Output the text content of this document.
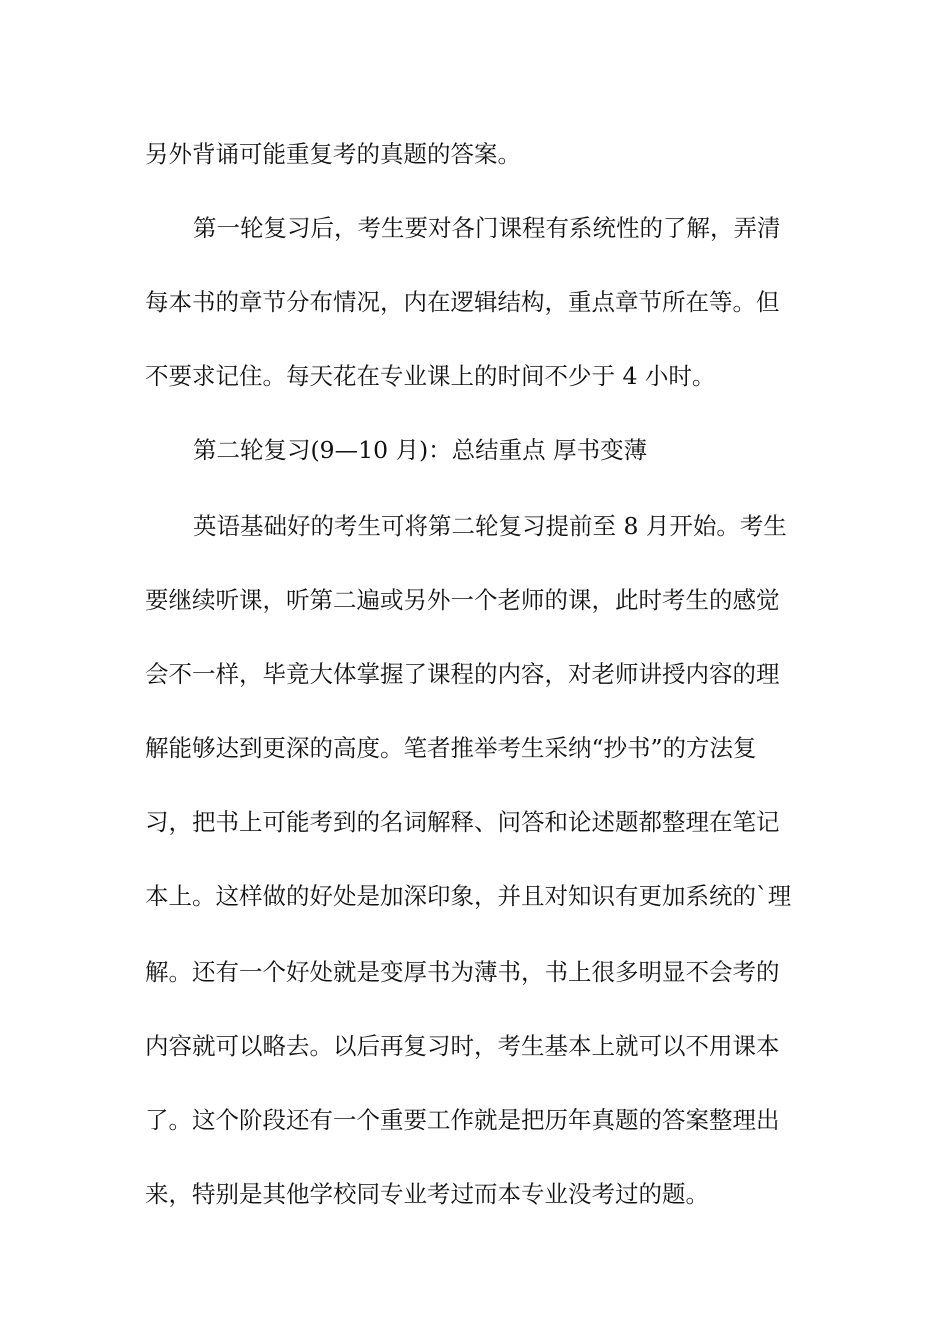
另外背诵可能重复考的真题的答案。
第一轮复习后，考生要对各门课程有系统性的了解，弄清
每本书的章节分布情况，内在逻辑结构，重点章节所在等。但
不要求记住。每天花在专业课上的时间不少于 4 小时。
第二轮复习(9—10 月)：总结重点 厚书变薄
英语基础好的考生可将第二轮复习提前至 8 月开始。考生
要继续听课，听第二遍或另外一个老师的课，此时考生的感觉
会不一样，毕竟大体掌握了课程的内容，对老师讲授内容的理
解能够达到更深的高度。笔者推举考生采纳“抄书”的方法复
习，把书上可能考到的名词解释、问答和论述题都整理在笔记
本上。这样做的好处是加深印象，并且对知识有更加系统的`理
解。还有一个好处就是变厚书为薄书，书上很多明显不会考的
内容就可以略去。以后再复习时，考生基本上就可以不用课本
了。这个阶段还有一个重要工作就是把历年真题的答案整理出
来，特别是其他学校同专业考过而本专业没考过的题。
